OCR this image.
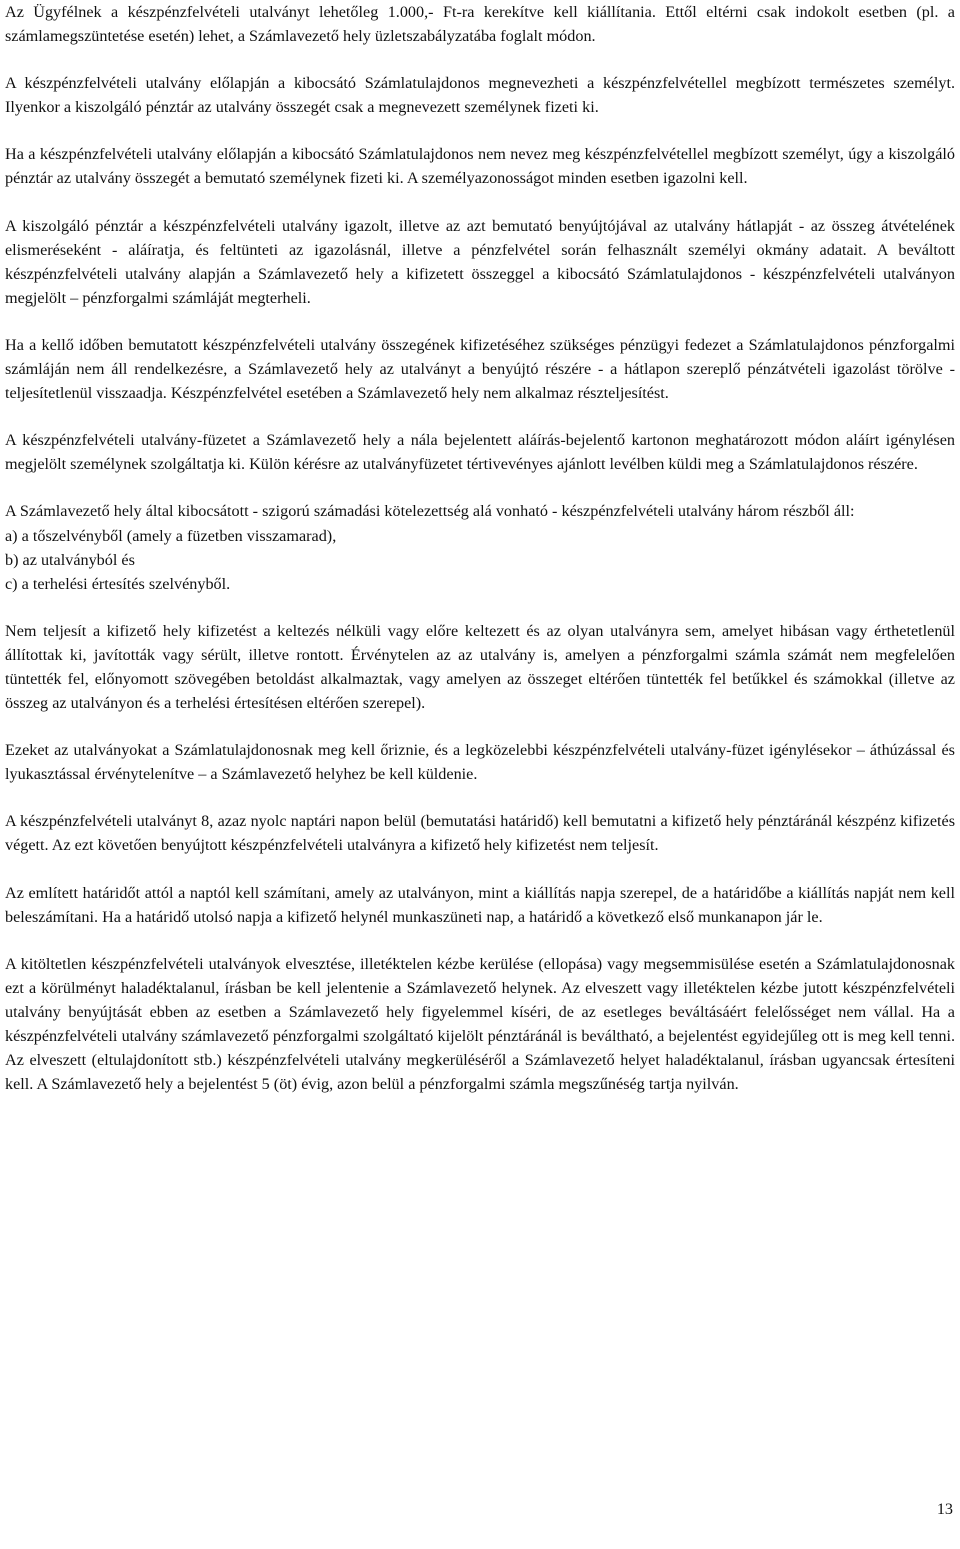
Az Ügyfélnek a készpénzfelvételi utalványt lehetőleg 1.000,- Ft-ra kerekítve kell kiállítania. Ettől eltérni csak indokolt esetben (pl. a számlamegszüntetése esetén) lehet, a Számlavezető hely üzletszabályzatába foglalt módon.

A készpénzfelvételi utalvány előlapján a kibocsátó Számlatulajdonos megnevezheti a készpénzfelvétellel megbízott természetes személyt. Ilyenkor a kiszolgáló pénztár az utalvány összegét csak a megnevezett személynek fizeti ki.

Ha a készpénzfelvételi utalvány előlapján a kibocsátó Számlatulajdonos nem nevez meg készpénzfelvétellel megbízott személyt, úgy a kiszolgáló pénztár az utalvány összegét a bemutató személynek fizeti ki. A személyazonosságot minden esetben igazolni kell.

A kiszolgáló pénztár a készpénzfelvételi utalvány igazolt, illetve az azt bemutató benyújtójával az utalvány hátlapját - az összeg átvételének elismeréseként - aláíratja, és feltünteti az igazolásnál, illetve a pénzfelvétel során felhasznált személyi okmány adatait. A beváltott készpénzfelvételi utalvány alapján a Számlavezető hely a kifizetett összeggel a kibocsátó Számlatulajdonos - készpénzfelvételi utalványon megjelölt – pénzforgalmi számláját megterheli.

Ha a kellő időben bemutatott készpénzfelvételi utalvány összegének kifizetéséhez szükséges pénzügyi fedezet a Számlatulajdonos pénzforgalmi számláján nem áll rendelkezésre, a Számlavezető hely az utalványt a benyújtó részére - a hátlapon szereplő pénzátvételi igazolást törölve - teljesítetlenül visszaadja. Készpénzfelvétel esetében a Számlavezető hely nem alkalmaz részteljesítést.

A készpénzfelvételi utalvány-füzetet a Számlavezető hely a nála bejelentett aláírás-bejelentő kartonon meghatározott módon aláírt igénylésen megjelölt személynek szolgáltatja ki. Külön kérésre az utalványfüzetet tértivevényes ajánlott levélben küldi meg a Számlatulajdonos részére.

A Számlavezető hely által kibocsátott - szigorú számadási kötelezettség alá vonható - készpénzfelvételi utalvány három részből áll:
a) a tőszelvényből (amely a füzetben visszamarad),
b) az utalványból és
c) a terhelési értesítés szelvényből.

Nem teljesít a kifizető hely kifizetést a keltezés nélküli vagy előre keltezett és az olyan utalványra sem, amelyet hibásan vagy érthetetlenül állítottak ki, javították vagy sérült, illetve rontott. Érvénytelen az az utalvány is, amelyen a pénzforgalmi számla számát nem megfelelően tüntették fel, előnyomott szövegében betoldást alkalmaztak, vagy amelyen az összeget eltérően tüntették fel betűkkel és számokkal (illetve az összeg az utalványon és a terhelési értesítésen eltérően szerepel).

Ezeket az utalványokat a Számlatulajdonosnak meg kell őriznie, és a legközelebbi készpénzfelvételi utalvány-füzet igénylésekor – áthúzással és lyukasztással érvénytelenítve – a Számlavezető helyhez be kell küldenie.

A készpénzfelvételi utalványt 8, azaz nyolc naptári napon belül (bemutatási határidő) kell bemutatni a kifizető hely pénztáránál készpénz kifizetés végett. Az ezt követően benyújtott készpénzfelvételi utalványra a kifizető hely kifizetést nem teljesít.

Az említett határidőt attól a naptól kell számítani, amely az utalványon, mint a kiállítás napja szerepel, de a határidőbe a kiállítás napját nem kell beleszámítani. Ha a határidő utolsó napja a kifizető helynél munkaszüneti nap, a határidő a következő első munkanapon jár le.

A kitöltetlen készpénzfelvételi utalványok elvesztése, illetéktelen kézbe kerülése (ellopása) vagy megsemmisülése esetén a Számlatulajdonosnak ezt a körülményt haladéktalanul, írásban be kell jelentenie a Számlavezető helynek. Az elveszett vagy illetéktelen kézbe jutott készpénzfelvételi utalvány benyújtását ebben az esetben a Számlavezető hely figyelemmel kíséri, de az esetleges beváltásáért felelősséget nem vállal. Ha a készpénzfelvételi utalvány számlavezető pénzforgalmi szolgáltató kijelölt pénztáránál is beváltható, a bejelentést egyidejűleg ott is meg kell tenni. Az elveszett (eltulajdonított stb.) készpénzfelvételi utalvány megkerüléséről a Számlavezető helyet haladéktalanul, írásban ugyancsak értesíteni kell. A Számlavezető hely a bejelentést 5 (öt) évig, azon belül a pénzforgalmi számla megszűnéség tartja nyilván.

13
